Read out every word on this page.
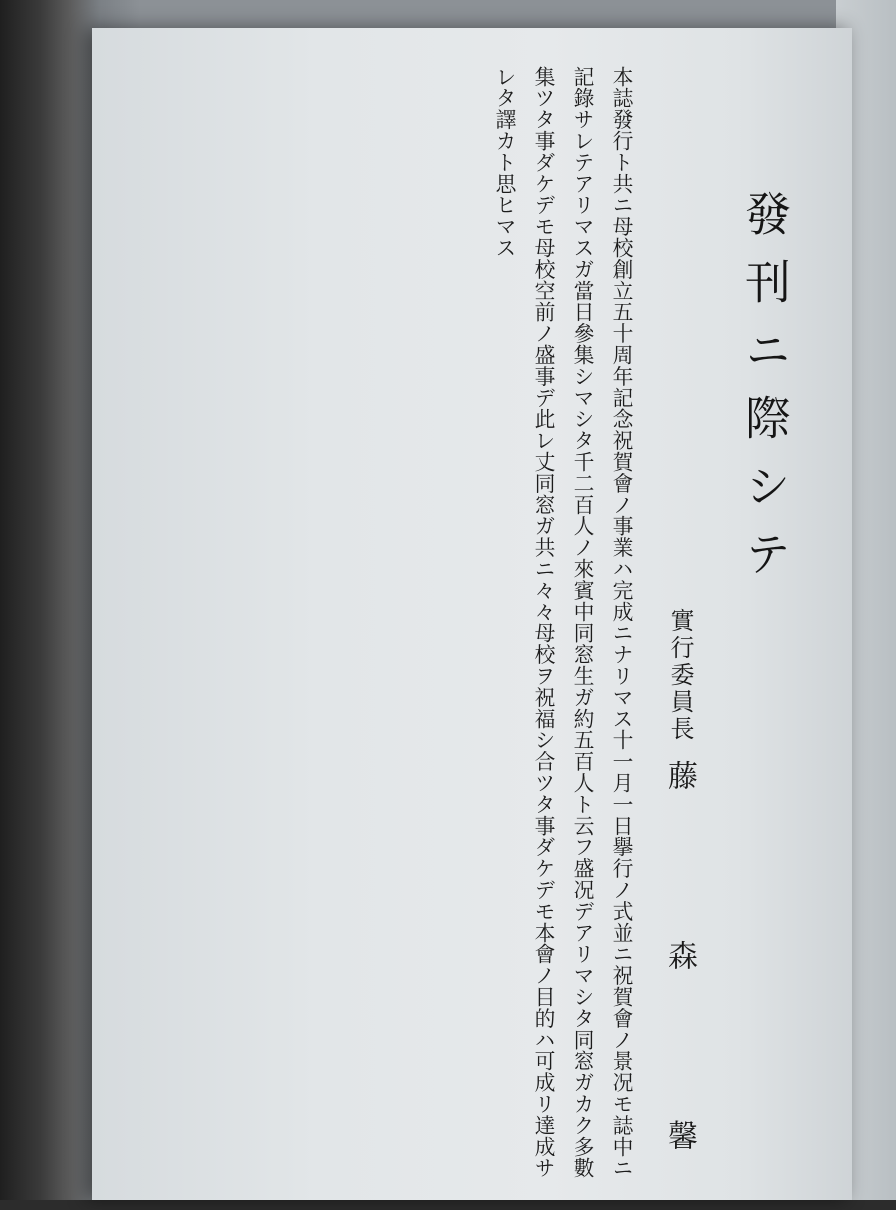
發刊ニ際シテ
實行委員長
藤　森　馨

本誌發行ト共ニ母校創立五十周年記念祝賀會ノ事業ハ完成ニナリマス十一月一日擧行ノ式並ニ祝賀會ノ景况モ誌中ニ記錄サレテアリマスガ當日參集シマシタ千二百人ノ來賓中同窓生ガ約五百人ト云フ盛况デアリマシタ同窓ガカク多數集ツタ事ダケデモ母校空前ノ盛事デ此レ丈同窓ガ共ニ々々母校ヲ祝福シ合ツタ事ダケデモ本會ノ目的ハ可成リ達成サレタ譯カト思ヒマス
